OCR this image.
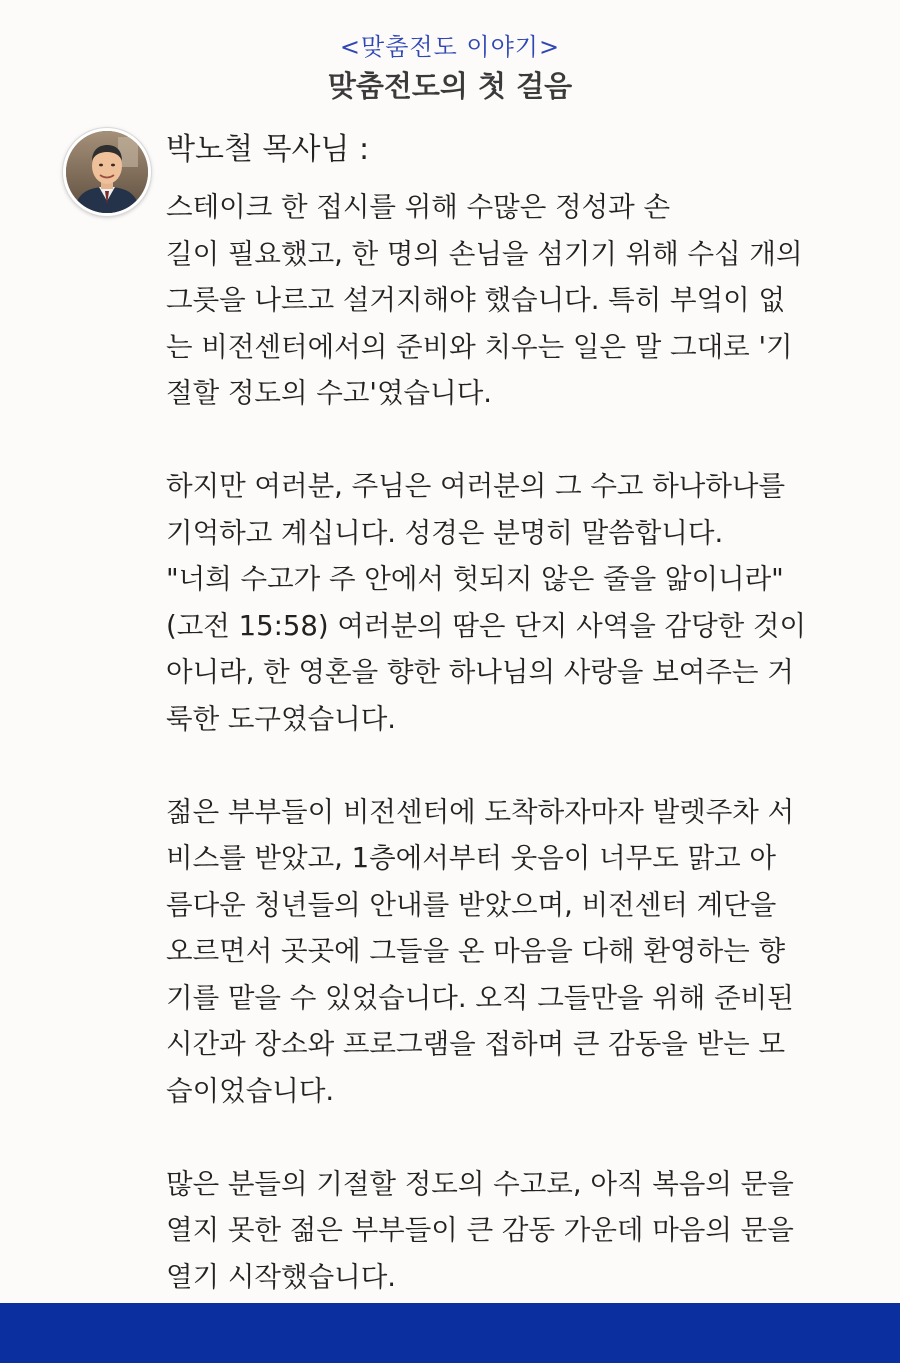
<맞춤전도 이야기>
맞춤전도의 첫 걸음
박노철 목사님 :

스테이크 한 접시를 위해 수많은 정성과 손
길이 필요했고, 한 명의 손님을 섬기기 위해 수십 개의
그릇을 나르고 설거지해야 했습니다. 특히 부엌이 없
는 비전센터에서의 준비와 치우는 일은 말 그대로 '기
절할 정도의 수고'였습니다.

하지만 여러분, 주님은 여러분의 그 수고 하나하나를
기억하고 계십니다. 성경은 분명히 말씀합니다.
"너희 수고가 주 안에서 헛되지 않은 줄을 앎이니라"
(고전 15:58) 여러분의 땀은 단지 사역을 감당한 것이
아니라, 한 영혼을 향한 하나님의 사랑을 보여주는 거
룩한 도구였습니다.

젊은 부부들이 비전센터에 도착하자마자 발렛주차 서
비스를 받았고, 1층에서부터 웃음이 너무도 맑고 아
름다운 청년들의 안내를 받았으며, 비전센터 계단을
오르면서 곳곳에 그들을 온 마음을 다해 환영하는 향
기를 맡을 수 있었습니다. 오직 그들만을 위해 준비된
시간과 장소와 프로그램을 접하며 큰 감동을 받는 모
습이었습니다.

많은 분들의 기절할 정도의 수고로, 아직 복음의 문을
열지 못한 젊은 부부들이 큰 감동 가운데 마음의 문을
열기 시작했습니다.
